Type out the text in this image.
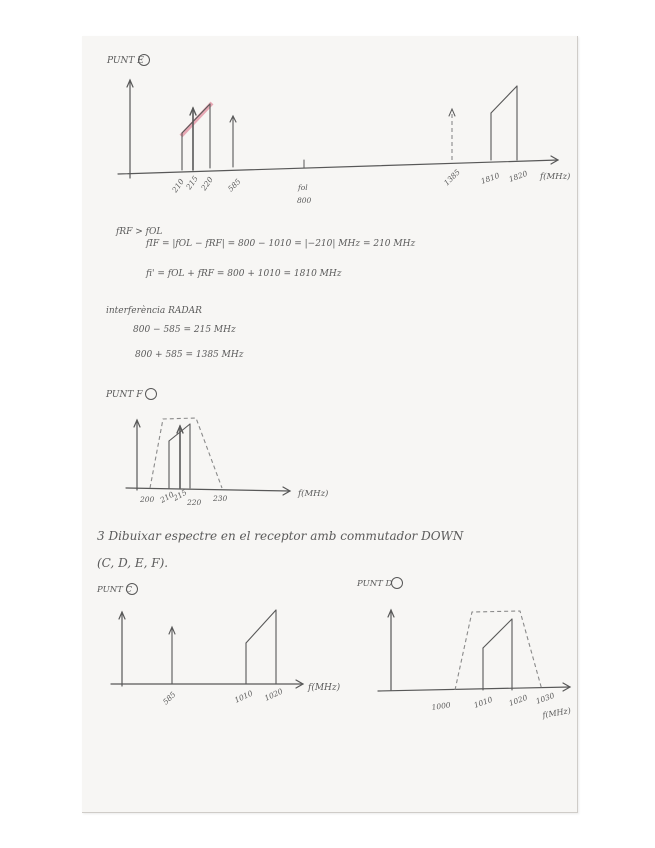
PUNT E
210
215 220 585	fol
800
1385 1810 1820 f(MHz)
fRF > fOL
fIF = |fOL − fRF| = 800 − 1010 = |−210| MHz = 210 MHz
fi' = fOL + fRF = 800 + 1010 = 1810 MHz
interferència RADAR
800 − 585 = 215 MHz
800 + 585 = 1385 MHz
PUNT F
200 210
215
220 230	f(MHz)
3 Dibuixar espectre en el receptor amb commutador DOWN
(C, D, E, F).
PUNT C
585	1010 1020	f(MHz)
PUNT D
1000	1010 1020 1030
f(MHz)
